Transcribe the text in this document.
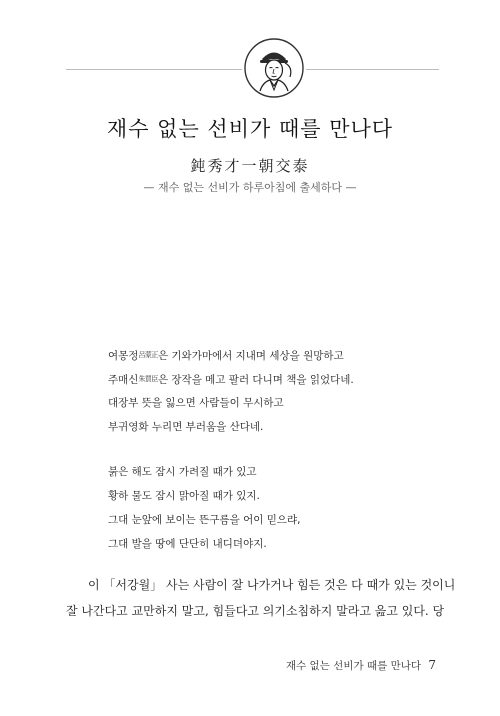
재수 없는 선비가 때를 만나다
鈍秀才一朝交泰
— 재수 없는 선비가 하루아침에 출세하다 —
여몽정呂蒙正은 기와가마에서 지내며 세상을 원망하고
주매신朱買臣은 장작을 메고 팔러 다니며 책을 읽었다네.
대장부 뜻을 잃으면 사람들이 무시하고
부귀영화 누리면 부러움을 산다네.
붉은 해도 잠시 가려질 때가 있고
황하 물도 잠시 맑아질 때가 있지.
그대 눈앞에 보이는 뜬구름을 어이 믿으랴,
그대 발을 땅에 단단히 내디뎌야지.
이 「서강월」 사는 사람이 잘 나가거나 힘든 것은 다 때가 있는 것이니
잘 나간다고 교만하지 말고, 힘들다고 의기소침하지 말라고 읊고 있다. 당
재수 없는 선비가 때를 만나다 7
